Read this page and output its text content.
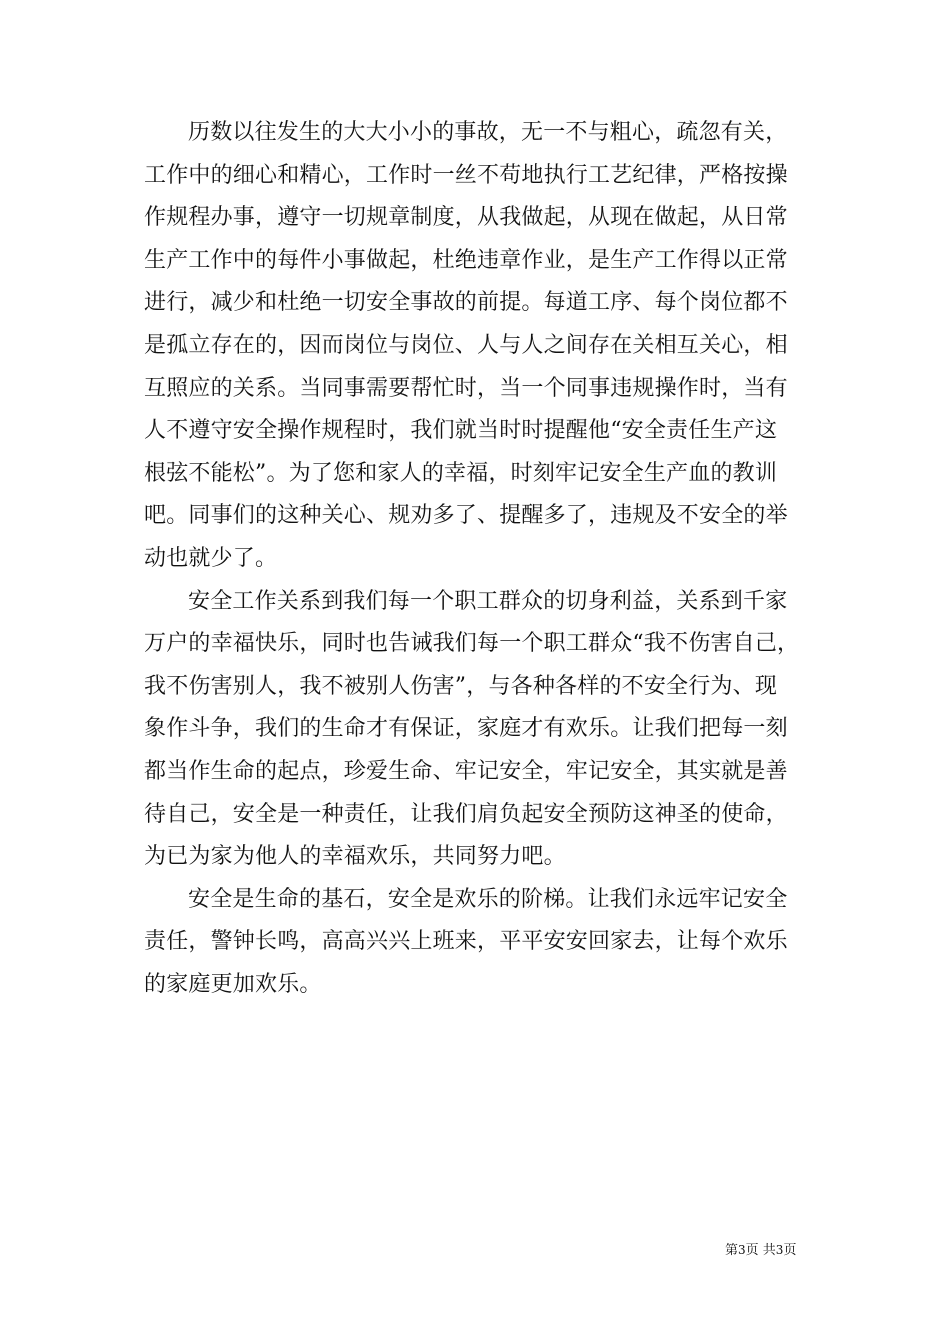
历数以往发生的大大小小的事故，无一不与粗心，疏忽有关，
工作中的细心和精心，工作时一丝不苟地执行工艺纪律，严格按操
作规程办事，遵守一切规章制度，从我做起，从现在做起，从日常
生产工作中的每件小事做起，杜绝违章作业，是生产工作得以正常
进行，减少和杜绝一切安全事故的前提。每道工序、每个岗位都不
是孤立存在的，因而岗位与岗位、人与人之间存在关相互关心，相
互照应的关系。当同事需要帮忙时，当一个同事违规操作时，当有
人不遵守安全操作规程时，我们就当时时提醒他“安全责任生产这
根弦不能松”。为了您和家人的幸福，时刻牢记安全生产血的教训
吧。同事们的这种关心、规劝多了、提醒多了，违规及不安全的举
动也就少了。
安全工作关系到我们每一个职工群众的切身利益，关系到千家
万户的幸福快乐，同时也告诫我们每一个职工群众“我不伤害自己，
我不伤害别人，我不被别人伤害”，与各种各样的不安全行为、现
象作斗争，我们的生命才有保证，家庭才有欢乐。让我们把每一刻
都当作生命的起点，珍爱生命、牢记安全，牢记安全，其实就是善
待自己，安全是一种责任，让我们肩负起安全预防这神圣的使命，
为已为家为他人的幸福欢乐，共同努力吧。
安全是生命的基石，安全是欢乐的阶梯。让我们永远牢记安全
责任，警钟长鸣，高高兴兴上班来，平平安安回家去，让每个欢乐
的家庭更加欢乐。
第3页 共3页
